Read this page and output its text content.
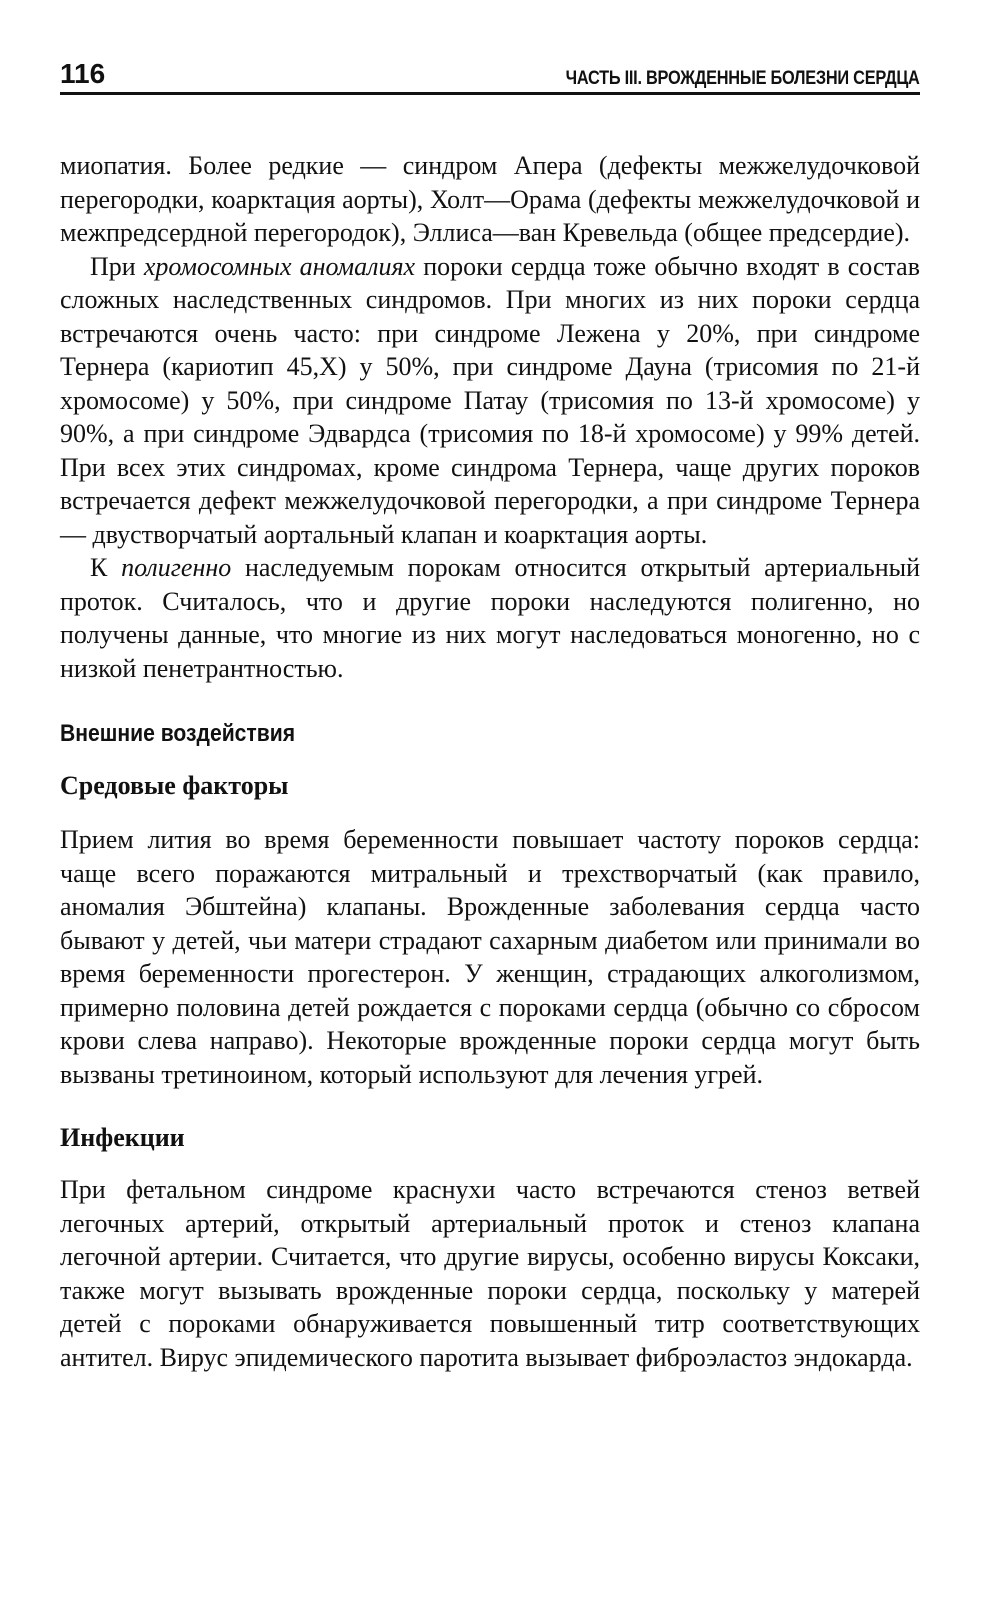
116	ЧАСТЬ III. ВРОЖДЕННЫЕ БОЛЕЗНИ СЕРДЦА

миопатия. Более редкие — синдром Апера (дефекты межжелудочковой перегородки, коарктация аорты), Холт—Орама (дефекты межжелудочковой и межпредсердной перегородок), Эллиса—ван Кревельда (общее предсердие).

При хромосомных аномалиях пороки сердца тоже обычно входят в состав сложных наследственных синдромов. При многих из них пороки сердца встречаются очень часто: при синдроме Лежена у 20%, при синдроме Тернера (кариотип 45,X) у 50%, при синдроме Дауна (трисомия по 21-й хромосоме) у 50%, при синдроме Патау (трисомия по 13-й хромосоме) у 90%, а при синдроме Эдвардса (трисомия по 18-й хромосоме) у 99% детей. При всех этих синдромах, кроме синдрома Тернера, чаще других пороков встречается дефект межжелудочковой перегородки, а при синдроме Тернера — двустворчатый аортальный клапан и коарктация аорты.

К полигенно наследуемым порокам относится открытый артериальный проток. Считалось, что и другие пороки наследуются полигенно, но получены данные, что многие из них могут наследоваться моногенно, но с низкой пенетрантностью.

Внешние воздействия
Средовые факторы

Прием лития во время беременности повышает частоту пороков сердца: чаще всего поражаются митральный и трехстворчатый (как правило, аномалия Эбштейна) клапаны. Врожденные заболевания сердца часто бывают у детей, чьи матери страдают сахарным диабетом или принимали во время беременности прогестерон. У женщин, страдающих алкоголизмом, примерно половина детей рождается с пороками сердца (обычно со сбросом крови слева направо). Некоторые врожденные пороки сердца могут быть вызваны третиноином, который используют для лечения угрей.

Инфекции

При фетальном синдроме краснухи часто встречаются стеноз ветвей легочных артерий, открытый артериальный проток и стеноз клапана легочной артерии. Считается, что другие вирусы, особенно вирусы Коксаки, также могут вызывать врожденные пороки сердца, поскольку у матерей детей с пороками обнаруживается повышенный титр соответствующих антител. Вирус эпидемического паротита вызывает фиброэластоз эндокарда.
